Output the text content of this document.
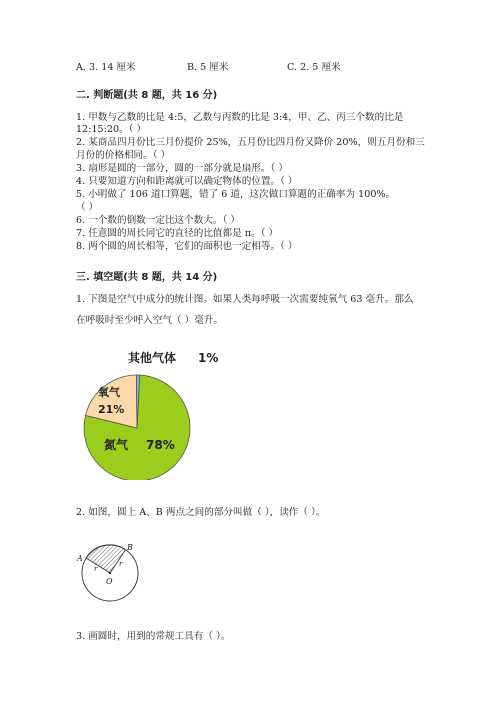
A. 3. 14 厘米	B. 5 厘米	C. 2. 5 厘米
二. 判断题(共 8 题，共 16 分)
1. 甲数与乙数的比是 4:5，乙数与丙数的比是 3:4，甲、乙、丙三个数的比是
12:15:20。（ ）
2. 某商品四月份比三月份提价 25%，五月份比四月份又降价 20%，则五月份和三
月份的价格相同。（ ）
3. 扇形是圆的一部分，圆的一部分就是扇形。（ ）
4. 只要知道方向和距离就可以确定物体的位置。（ ）
5. 小明做了 106 道口算题，错了 6 道，这次做口算题的正确率为 100%。
（ ）
6. 一个数的倒数一定比这个数大。（ ）
7. 任意圆的周长同它的直径的比值都是 π。（ ）
8. 两个圆的周长相等，它们的面积也一定相等。（ ）
三. 填空题(共 8 题，共 14 分)
1. 下图是空气中成分的统计图。如果人类每呼吸一次需要纯氧气 63 毫升。那么
在呼吸时至少呼入空气（ ）毫升。
其他气体 1%
氧气
21%
氮气 78%
2. 如图，圆上 A、B 两点之间的部分叫做（ ），读作（ ）。
A
B
O
r
r
3. 画圆时，用到的常规工具有（ ）。
